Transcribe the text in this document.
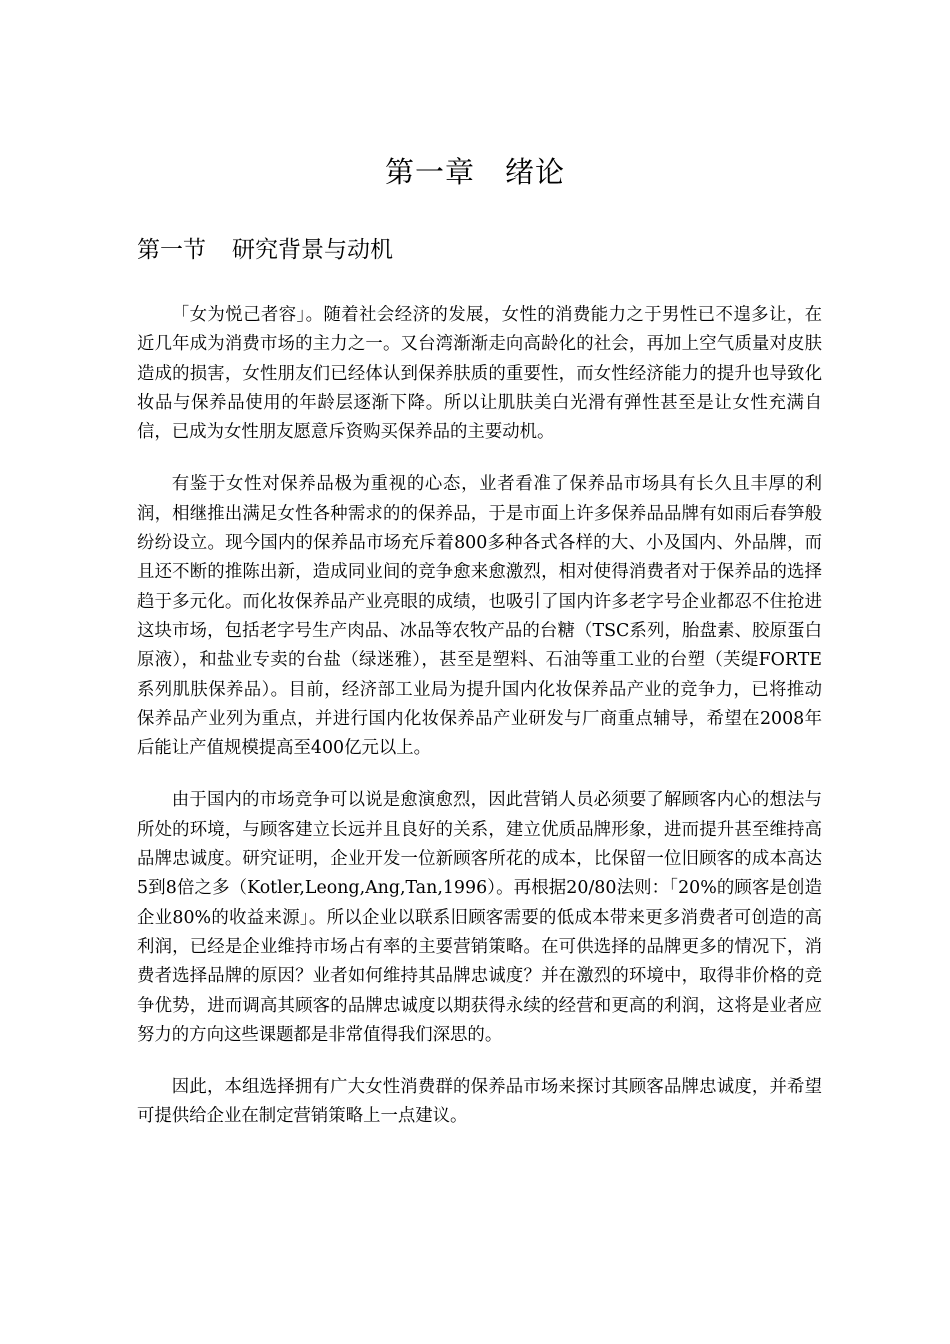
第一章 绪论
第一节 研究背景与动机

「女为悦己者容」。随着社会经济的发展，女性的消费能力之于男性已不遑多让，在近几年成为消费市场的主力之一。又台湾渐渐走向高龄化的社会，再加上空气质量对皮肤造成的损害，女性朋友们已经体认到保养肤质的重要性，而女性经济能力的提升也导致化妆品与保养品使用的年龄层逐渐下降。所以让肌肤美白光滑有弹性甚至是让女性充满自信，已成为女性朋友愿意斥资购买保养品的主要动机。

有鉴于女性对保养品极为重视的心态，业者看准了保养品市场具有长久且丰厚的利润，相继推出满足女性各种需求的的保养品，于是市面上许多保养品品牌有如雨后春笋般纷纷设立。现今国内的保养品市场充斥着800多种各式各样的大、小及国内、外品牌，而且还不断的推陈出新，造成同业间的竞争愈来愈激烈，相对使得消费者对于保养品的选择趋于多元化。而化妆保养品产业亮眼的成绩，也吸引了国内许多老字号企业都忍不住抢进这块市场，包括老字号生产肉品、冰品等农牧产品的台糖（TSC系列，胎盘素、胶原蛋白原液），和盐业专卖的台盐（绿迷雅），甚至是塑料、石油等重工业的台塑（芙缇FORTE系列肌肤保养品）。目前，经济部工业局为提升国内化妆保养品产业的竞争力，已将推动保养品产业列为重点，并进行国内化妆保养品产业研发与厂商重点辅导，希望在2008年后能让产值规模提高至400亿元以上。

由于国内的市场竞争可以说是愈演愈烈，因此营销人员必须要了解顾客内心的想法与所处的环境，与顾客建立长远并且良好的关系，建立优质品牌形象，进而提升甚至维持高品牌忠诚度。研究证明，企业开发一位新顾客所花的成本，比保留一位旧顾客的成本高达5到8倍之多（Kotler,Leong,Ang,Tan,1996）。再根据20/80法则：「20%的顾客是创造企业80%的收益来源」。所以企业以联系旧顾客需要的低成本带来更多消费者可创造的高利润，已经是企业维持市场占有率的主要营销策略。在可供选择的品牌更多的情况下，消费者选择品牌的原因？业者如何维持其品牌忠诚度？并在激烈的环境中，取得非价格的竞争优势，进而调高其顾客的品牌忠诚度以期获得永续的经营和更高的利润，这将是业者应努力的方向这些课题都是非常值得我们深思的。

因此，本组选择拥有广大女性消费群的保养品市场来探讨其顾客品牌忠诚度，并希望可提供给企业在制定营销策略上一点建议。
